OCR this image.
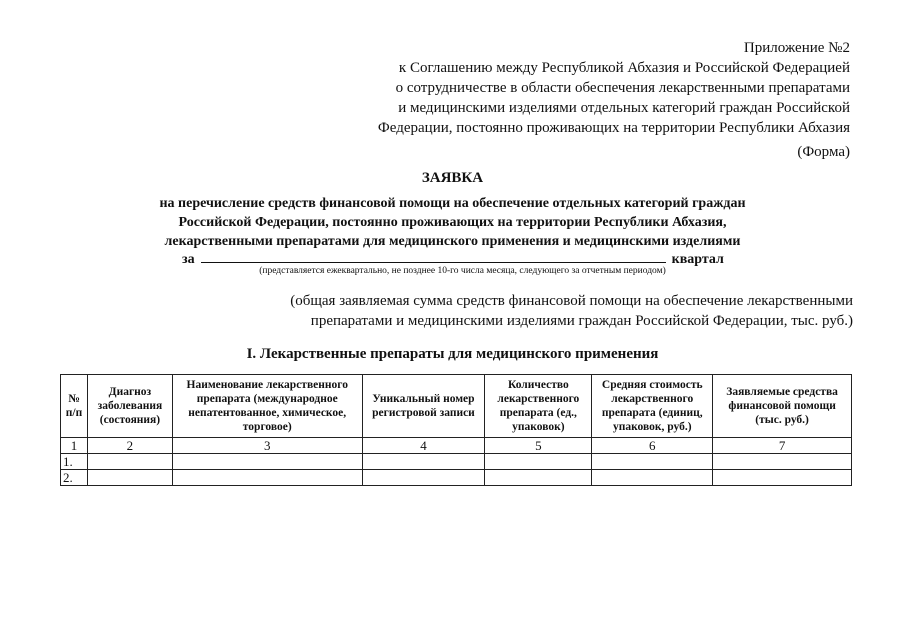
Приложение №2
к Соглашению между Республикой Абхазия и Российской Федерацией
о сотрудничестве в области обеспечения лекарственными препаратами
и медицинскими изделиями отдельных категорий граждан Российской
Федерации, постоянно проживающих на территории Республики Абхазия
(Форма)
ЗАЯВКА
на перечисление средств финансовой помощи на обеспечение отдельных категорий граждан
Российской Федерации, постоянно проживающих на территории Республики Абхазия,
лекарственными препаратами для медицинского применения и медицинскими изделиями
за	квартал
(представляется ежеквартально, не позднее 10-го числа месяца, следующего за отчетным периодом)
(общая заявляемая сумма средств финансовой помощи на обеспечение лекарственными
препаратами и медицинскими изделиями граждан Российской Федерации, тыс. руб.)
I. Лекарственные препараты для медицинского применения
№ п/п	Диагноз заболевания (состояния)	Наименование лекарственного препарата (международное непатентованное, химическое, торговое)	Уникальный номер регистровой записи	Количество лекарственного препарата (ед., упаковок)	Средняя стоимость лекарственного препарата (единиц, упаковок, руб.)	Заявляемые средства финансовой помощи (тыс. руб.)
1	2	3	4	5	6	7
1.						
2.						
